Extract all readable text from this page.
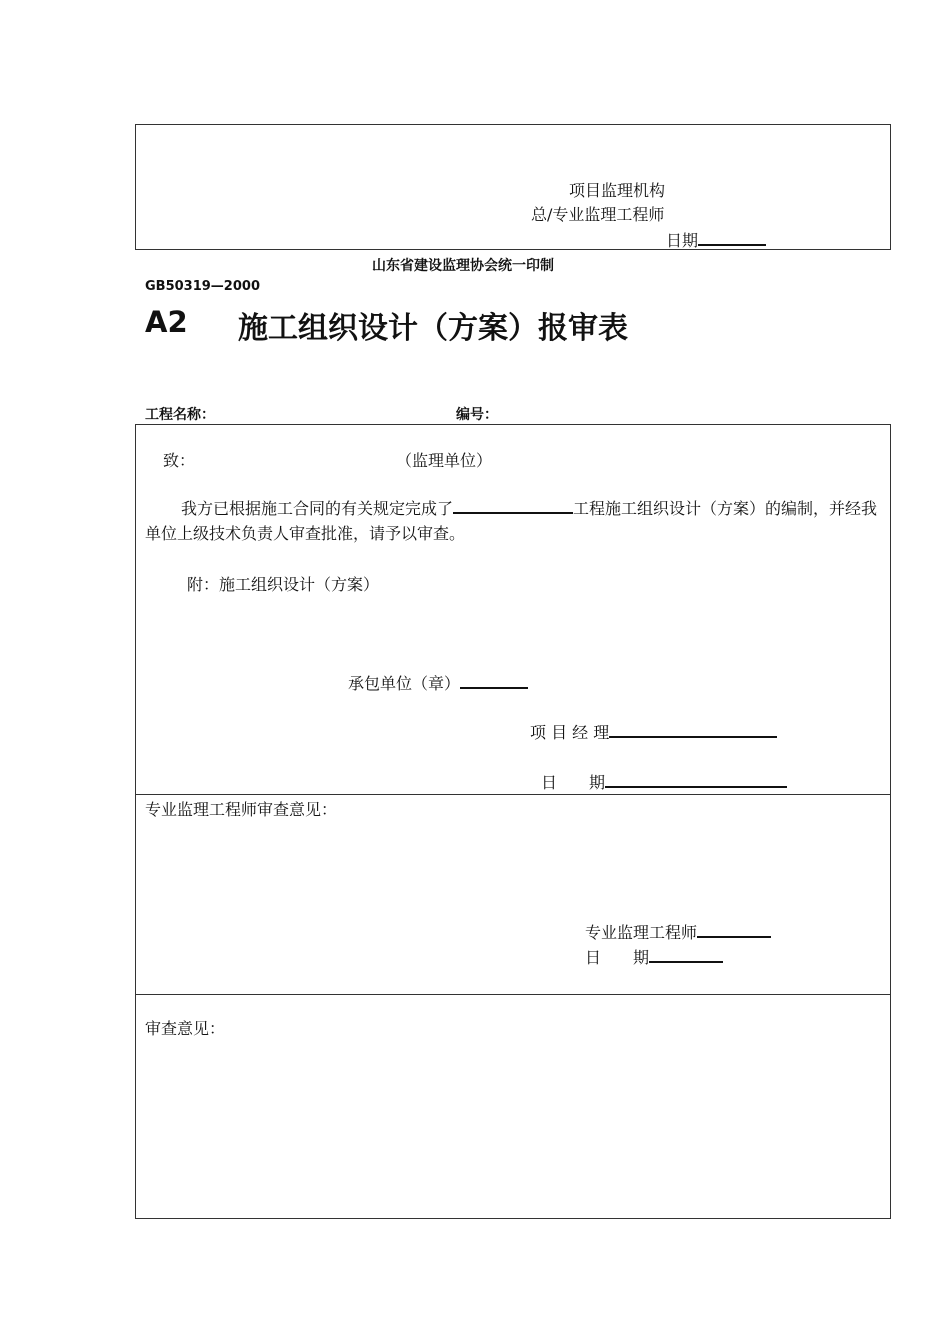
项目监理机构
总/专业监理工程师
日期
山东省建设监理协会统一印制
GB50319—2000
A2 施工组织设计（方案）报审表
工程名称：	编号：
致：	（监理单位）
我方已根据施工合同的有关规定完成了	工程施工组织设计（方案）的编制，并经我单位上级技术负责人审查批准，请予以审查。
附：施工组织设计（方案）
承包单位（章）
项 目 经 理
日　　期
专业监理工程师审查意见：
专业监理工程师
日　　期
审查意见：
